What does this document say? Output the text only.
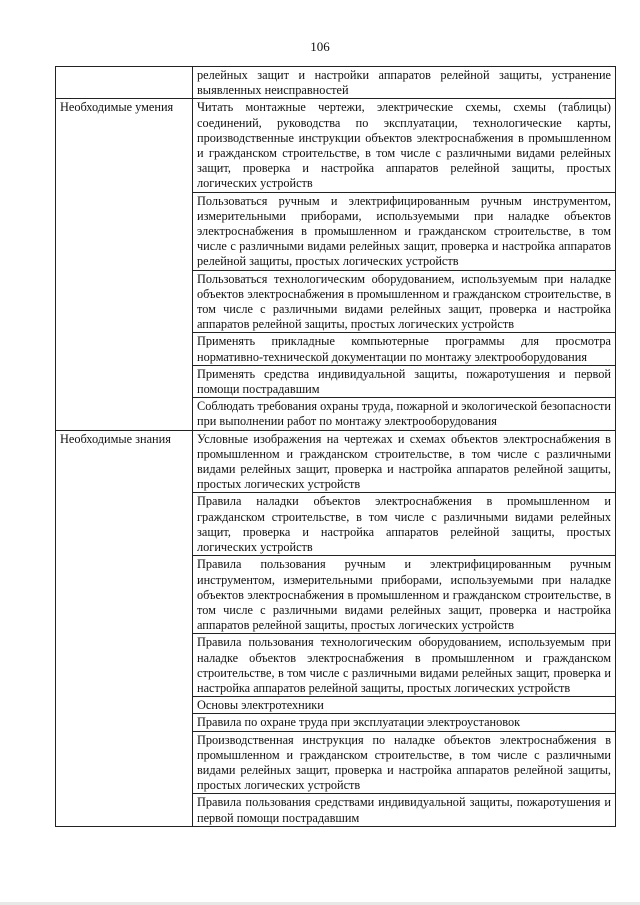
106
	релейных защит и настройки аппаратов релейной защиты, устранение выявленных неисправностей
Необходимые умения	Читать монтажные чертежи, электрические схемы, схемы (таблицы) соединений, руководства по эксплуатации, технологические карты, производственные инструкции объектов электроснабжения в промышленном и гражданском строительстве, в том числе с различными видами релейных защит, проверка и настройка аппаратов релейной защиты, простых логических устройств
	Пользоваться ручным и электрифицированным ручным инструментом, измерительными приборами, используемыми при наладке объектов электроснабжения в промышленном и гражданском строительстве, в том числе с различными видами релейных защит, проверка и настройка аппаратов релейной защиты, простых логических устройств
	Пользоваться технологическим оборудованием, используемым при наладке объектов электроснабжения в промышленном и гражданском строительстве, в том числе с различными видами релейных защит, проверка и настройка аппаратов релейной защиты, простых логических устройств
	Применять прикладные компьютерные программы для просмотра нормативно-технической документации по монтажу электрооборудования
	Применять средства индивидуальной защиты, пожаротушения и первой помощи пострадавшим
	Соблюдать требования охраны труда, пожарной и экологической безопасности при выполнении работ по монтажу электрооборудования
Необходимые знания	Условные изображения на чертежах и схемах объектов электроснабжения в промышленном и гражданском строительстве, в том числе с различными видами релейных защит, проверка и настройка аппаратов релейной защиты, простых логических устройств
	Правила наладки объектов электроснабжения в промышленном и гражданском строительстве, в том числе с различными видами релейных защит, проверка и настройка аппаратов релейной защиты, простых логических устройств
	Правила пользования ручным и электрифицированным ручным инструментом, измерительными приборами, используемыми при наладке объектов электроснабжения в промышленном и гражданском строительстве, в том числе с различными видами релейных защит, проверка и настройка аппаратов релейной защиты, простых логических устройств
	Правила пользования технологическим оборудованием, используемым при наладке объектов электроснабжения в промышленном и гражданском строительстве, в том числе с различными видами релейных защит, проверка и настройка аппаратов релейной защиты, простых логических устройств
	Основы электротехники
	Правила по охране труда при эксплуатации электроустановок
	Производственная инструкция по наладке объектов электроснабжения в промышленном и гражданском строительстве, в том числе с различными видами релейных защит, проверка и настройка аппаратов релейной защиты, простых логических устройств
	Правила пользования средствами индивидуальной защиты, пожаротушения и первой помощи пострадавшим
